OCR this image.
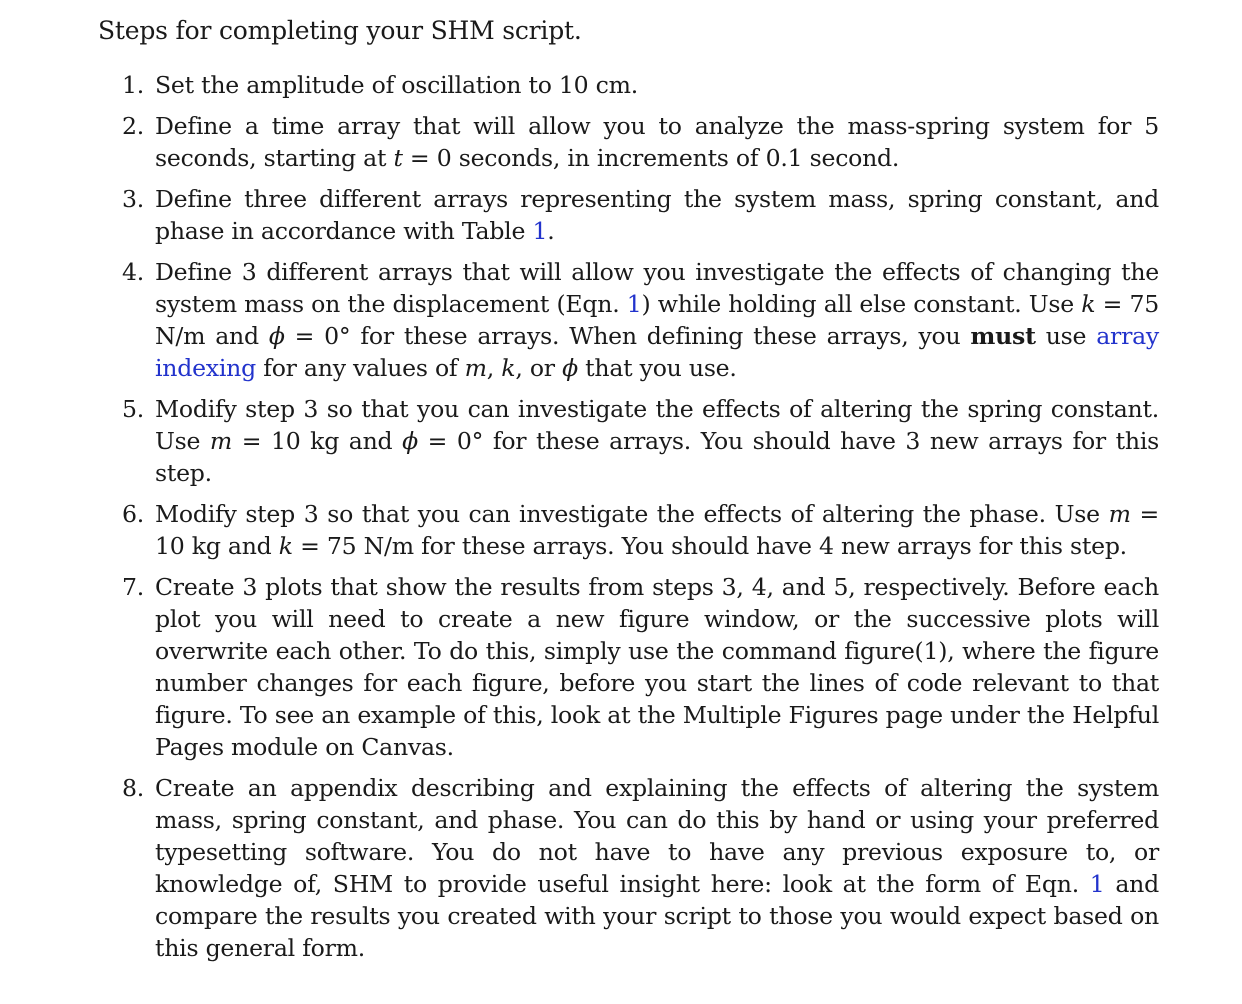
Steps for completing your SHM script.
1. Set the amplitude of oscillation to 10 cm.
2. Define a time array that will allow you to analyze the mass-spring system for 5 seconds, starting at t = 0 seconds, in increments of 0.1 second.
3. Define three different arrays representing the system mass, spring constant, and phase in accordance with Table 1.
4. Define 3 different arrays that will allow you investigate the effects of changing the system mass on the displacement (Eqn. 1) while holding all else constant. Use k = 75 N/m and ϕ = 0° for these arrays. When defining these arrays, you must use array indexing for any values of m, k, or ϕ that you use.
5. Modify step 3 so that you can investigate the effects of altering the spring constant. Use m = 10 kg and ϕ = 0° for these arrays. You should have 3 new arrays for this step.
6. Modify step 3 so that you can investigate the effects of altering the phase. Use m = 10 kg and k = 75 N/m for these arrays. You should have 4 new arrays for this step.
7. Create 3 plots that show the results from steps 3, 4, and 5, respectively. Before each plot you will need to create a new figure window, or the successive plots will overwrite each other. To do this, simply use the command figure(1), where the figure number changes for each figure, before you start the lines of code relevant to that figure. To see an example of this, look at the Multiple Figures page under the Helpful Pages module on Canvas.
8. Create an appendix describing and explaining the effects of altering the system mass, spring constant, and phase. You can do this by hand or using your preferred typesetting software. You do not have to have any previous exposure to, or knowledge of, SHM to provide useful insight here: look at the form of Eqn. 1 and compare the results you created with your script to those you would expect based on this general form.
